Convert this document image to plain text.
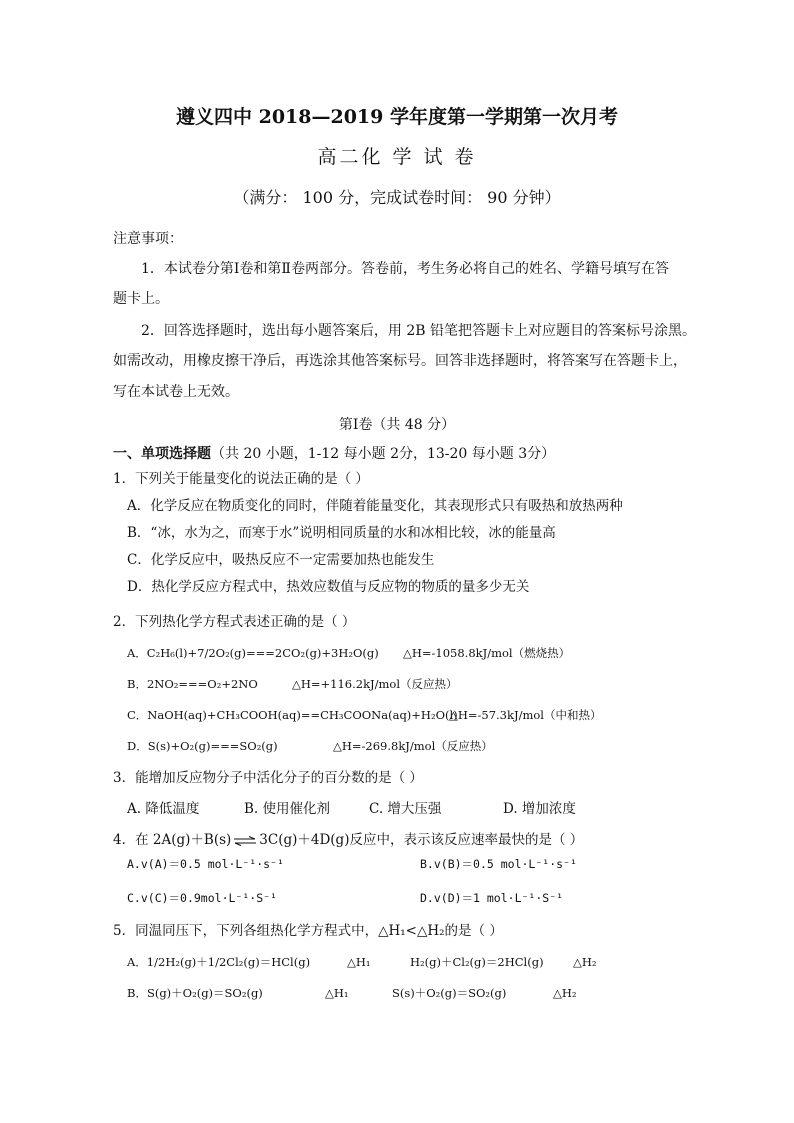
遵义四中 2018—2019 学年度第一学期第一次月考
高二化 学 试 卷
（满分： 100 分，完成试卷时间： 90 分钟）
注意事项：
1．本试卷分第Ⅰ卷和第Ⅱ卷两部分。答卷前，考生务必将自己的姓名、学籍号填写在答
题卡上。
2．回答选择题时，选出每小题答案后，用 2B 铅笔把答题卡上对应题目的答案标号涂黑。
如需改动，用橡皮擦干净后，再选涂其他答案标号。回答非选择题时，将答案写在答题卡上，
写在本试卷上无效。
第Ⅰ卷（共 48 分）
一、单项选择题（共 20 小题，1-12 每小题 2分，13-20 每小题 3分）
1．下列关于能量变化的说法正确的是（ ）
A．化学反应在物质变化的同时，伴随着能量变化，其表现形式只有吸热和放热两种
B．“冰，水为之，而寒于水”说明相同质量的水和冰相比较，冰的能量高
C．化学反应中，吸热反应不一定需要加热也能发生
D．热化学反应方程式中，热效应数值与反应物的物质的量多少无关
2．下列热化学方程式表述正确的是（ ）
A．C₂H₆(l)+7/2O₂(g)===2CO₂(g)+3H₂O(g) △H=-1058.8kJ/mol（燃烧热）
B．2NO₂===O₂+2NO	△H=+116.2kJ/mol（反应热）
C．NaOH(aq)+CH₃COOH(aq)==CH₃COONa(aq)+H₂O(l)
△H=-57.3kJ/mol（中和热）
D．S(s)+O₂(g)===SO₂(g)	△H=-269.8kJ/mol（反应热）
3．能增加反应物分子中活化分子的百分数的是（ ）
A. 降低温度	B. 使用催化剂	C. 增大压强	D. 增加浓度
4．在 2A(g)＋B(s) ⇌ 3C(g)＋4D(g)反应中，表示该反应速率最快的是（ ）
A.v(A)＝0.5 mol·L⁻¹·s⁻¹	B.v(B)＝0.5 mol·L⁻¹·s⁻¹
C.v(C)＝0.9mol·L⁻¹·S⁻¹	D.v(D)＝1 mol·L⁻¹·S⁻¹
5．同温同压下，下列各组热化学方程式中，△H₁<△H₂的是（ ）
A．1/2H₂(g)＋1/2Cl₂(g)＝HCl(g)	△H₁	H₂(g)＋Cl₂(g)＝2HCl(g)	△H₂
B．S(g)＋O₂(g)＝SO₂(g)	△H₁	S(s)＋O₂(g)＝SO₂(g)	△H₂
